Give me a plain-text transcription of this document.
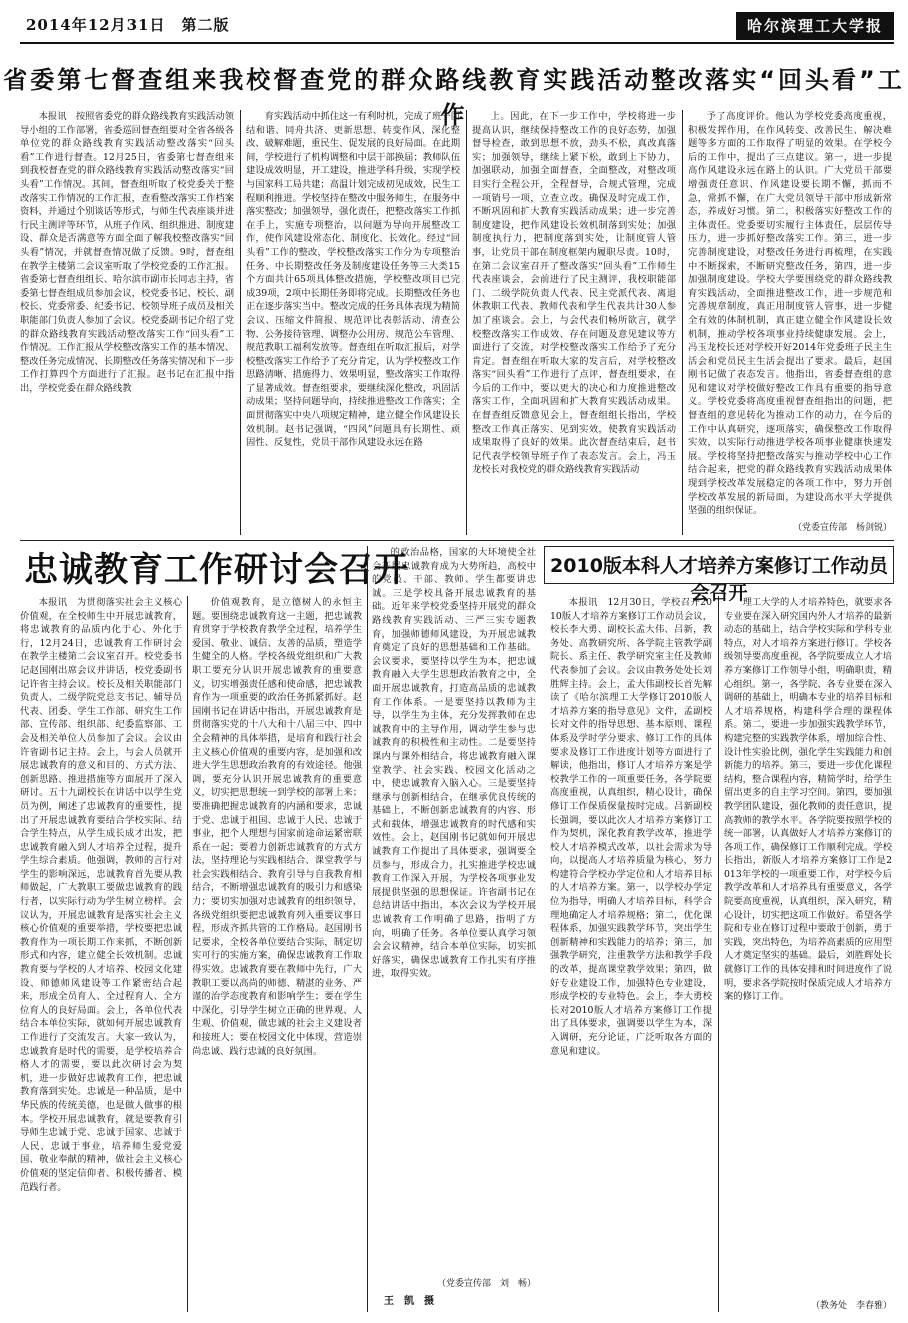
2014年12月31日　第二版	哈尔滨理工大学报
省委第七督查组来我校督查党的群众路线教育实践活动整改落实“回头看”工作

本报讯　按照省委党的群众路线教育实践活动领导小组的工作部署，省委巡回督查组要对全省各级各单位党的群众路线教育实践活动整改落实“回头看”工作进行督查。12月25日，省委第七督查组来到我校督查党的群众路线教育实践活动整改落实“回头看”工作情况。其间，督查组听取了校党委关于整改落实工作情况的工作汇报，查看整改落实工作档案资料，并通过个别谈话等形式，与师生代表座谈并进行民主测评等环节，从班子作风、组织推进、制度建设、群众是否满意等方面全面了解我校整改落实“回头看”情况，并就督查情况做了反馈。9时，督查组在教学主楼第二会议室听取了学校党委的工作汇报。省委第七督查组组长、哈尔滨市副市长同志主持，省委第七督查组成员参加会议，校党委书记、校长、副校长、党委常委、纪委书记、校领导班子成员及相关职能部门负责人参加了会议。校党委副书记介绍了党的群众路线教育实践活动整改落实工作“回头看”工作情况。工作汇报从学校整改落实工作的基本情况、整改任务完成情况、长期整改任务落实情况和下一步工作打算四个方面进行了汇报。赵书记在汇报中指出，学校党委在群众路线教

育实践活动中抓住这一有利时机，完成了班子团结和谐、同舟共济、更新思想、转变作风、深化整改、破解难题，重民生、促发展的良好局面。在此期间，学校进行了机构调整和中层干部换届；教师队伍建设成效明显，开工建设，推进学科升级，实现学校与国家科工局共建；高温计划完成初见成效，民生工程顺利推进。学校坚持在整改中服务师生，在服务中落实整改；加强领导，强化责任，把整改落实工作抓在手上，实施专项整治，以问题为导向开展整改工作，使作风建设常态化、制度化、长效化。经过“回头看”工作的整改，学校整改落实工作分为专项整治任务、中长期整改任务及制度建设任务等三大类15个方面共计65项具体整改措施，学校整改项目已完成39项，2项中长期任务即将完成。长期整改任务也正在逐步落实当中。整改完成的任务具体表现为精简会议、压缩文件简报、规范评比表彰活动、清查公物、公务接待管理、调整办公用房、规范公车管理、规范教职工福利发放等。督查组在听取汇报后，对学校整改落实工作给予了充分肯定，认为学校整改工作思路清晰、措施得力、效果明显，整改落实工作取得了显著成效。督查组要求，要继续深化整改，巩固活动成果；坚持问题导向，持续推进整改工作落实；全面贯彻落实中央八项规定精神，建立健全作风建设长效机制。赵书记强调，“四风”问题具有长期性、顽固性、反复性，党员干部作风建设永远在路

上。因此，在下一步工作中，学校将进一步提高认识，继续保持整改工作的良好态势，加强督导检查，敢到思想不放，劲头不松，真改真落实；加强领导，继续上紧下松，敢到上下协力，加强联动，加强全面督查，全面整改，对整改项目实行全程公开，全程督导，合规式管理，完成一项销号一项，立查立改。确保及时完成工作，不断巩固和扩大教育实践活动成果；进一步完善制度建设，把作风建设长效机制落到实处；加强制度执行力，把制度落到实处，让制度管人管事，让党员干部在制度框架内履职尽责。10时，在第二会议室召开了整改落实“回头看”工作师生代表座谈会，会前进行了民主测评，我校职能部门、二级学院负责人代表、民主党派代表、离退休教职工代表、教师代表和学生代表共计30人参加了座谈会。会上，与会代表们畅所欲言，就学校整改落实工作成效、存在问题及意见建议等方面进行了交流，对学校整改落实工作给予了充分肯定。督查组在听取大家的发言后，对学校整改落实“回头看”工作进行了点评，督查组要求，在今后的工作中，要以更大的决心和力度推进整改落实工作，全面巩固和扩大教育实践活动成果。在督查组反馈意见会上，督查组组长指出，学校整改工作真正落实、见到实效，使教育实践活动成果取得了良好的效果。此次督查结束后，赵书记代表学校领导班子作了表态发言。会上，冯玉龙校长对我校党的群众路线教育实践活动

予了高度评价。他认为学校党委高度重视，积极发挥作用，在作风转变、改善民生、解决难题等多方面的工作取得了明显的效果。在学校今后的工作中，提出了三点建议。第一，进一步提高作风建设永远在路上的认识。广大党员干部要增强责任意识、作风建设要长期不懈，抓而不急，常抓不懈，在广大党员领导干部中形成新常态，养成好习惯。第二，积极落实好整改工作的主体责任。党委要切实履行主体责任，层层传导压力，进一步抓好整改落实工作。第三，进一步完善制度建设，对整改任务进行再梳理，在实践中不断探索，不断研究整改任务，第四，进一步加强制度建设。学校大学要围绕党的群众路线教育实践活动，全面推进整改工作，进一步规范和完善规章制度，真正用制度管人管事，进一步健全有效的体制机制，真正建立健全作风建设长效机制，推动学校各项事业持续健康发展。会上，冯玉龙校长还对学校开好2014年党委班子民主生活会和党员民主生活会提出了要求。最后，赵国刚书记做了表态发言。他指出，省委督查组的意见和建议对学校做好整改工作具有重要的指导意义。学校党委将高度重视督查组指出的问题，把督查组的意见转化为推动工作的动力，在今后的工作中认真研究，逐项落实，确保整改工作取得实效，以实际行动推进学校各项事业健康快速发展。学校将坚持把整改落实与推动学校中心工作结合起来，把党的群众路线教育实践活动成果体现到学校改革发展稳定的各项工作中，努力开创学校改革发展的新局面，为建设高水平大学提供坚强的组织保证。

（党委宣传部　杨剑锐）
忠诚教育工作研讨会召开

本报讯　为贯彻落实社会主义核心价值观，在全校师生中开展忠诚教育，将忠诚教育的品质内化于心、外化于行，12月24日，忠诚教育工作研讨会在教学主楼第二会议室召开。校党委书记赵国刚出席会议并讲话，校党委副书记许省主持会议。校长及相关职能部门负责人、二级学院党总支书记、辅导员代表、团委、学生工作部、研究生工作部、宣传部、组织部、纪委监察部、工会及相关单位人员参加了会议。会议由许省副书记主持。会上，与会人员就开展忠诚教育的意义和目的、方式方法、创新思路、推进措施等方面展开了深入研讨。五十九副校长在讲话中以学生党员为例，阐述了忠诚教育的重要性，提出了开展忠诚教育要结合学校实际、结合学生特点，从学生成长成才出发，把忠诚教育融入到人才培养全过程，提升学生综合素质。他强调，教师的言行对学生的影响深远，忠诚教育首先要从教师做起，广大教职工要做忠诚教育的践行者，以实际行动为学生树立榜样。会议认为，开展忠诚教育是落实社会主义核心价值观的重要举措，学校要把忠诚教育作为一项长期工作来抓，不断创新形式和内容，建立健全长效机制。忠诚教育要与学校的人才培养、校园文化建设、师德师风建设等工作紧密结合起来，形成全员育人、全过程育人、全方位育人的良好局面。会上，各单位代表结合本单位实际，就如何开展忠诚教育工作进行了交流发言。大家一致认为，忠诚教育是时代的需要，是学校培养合格人才的需要，要以此次研讨会为契机，进一步做好忠诚教育工作，把忠诚教育落到实处。忠诚是一种品质，是中华民族的传统美德，也是做人做事的根本。学校开展忠诚教育，就是要教育引导师生忠诚于党、忠诚于国家、忠诚于人民、忠诚于事业，培养师生爱党爱国、敬业奉献的精神，做社会主义核心价值观的坚定信仰者、积极传播者、模范践行者。

价值观教育，是立德树人的永恒主题。要围绕忠诚教育这一主题，把忠诚教育贯穿于学校教育教学全过程，培养学生爱国、敬业、诚信、友善的品质，塑造学生健全的人格。学校各级党组织和广大教职工要充分认识开展忠诚教育的重要意义，切实增强责任感和使命感，把忠诚教育作为一项重要的政治任务抓紧抓好。赵国刚书记在讲话中指出，开展忠诚教育是贯彻落实党的十八大和十八届三中、四中全会精神的具体举措，是培育和践行社会主义核心价值观的重要内容，是加强和改进大学生思想政治教育的有效途径。他强调，要充分认识开展忠诚教育的重要意义，切实把思想统一到学校的部署上来；要准确把握忠诚教育的内涵和要求，忠诚于党、忠诚于祖国、忠诚于人民、忠诚于事业，把个人理想与国家前途命运紧密联系在一起；要着力创新忠诚教育的方式方法，坚持理论与实践相结合、课堂教学与社会实践相结合、教育引导与自我教育相结合，不断增强忠诚教育的吸引力和感染力；要切实加强对忠诚教育的组织领导，各级党组织要把忠诚教育列入重要议事日程，形成齐抓共管的工作格局。赵国刚书记要求，全校各单位要结合实际，制定切实可行的实施方案，确保忠诚教育工作取得实效。忠诚教育要在教师中先行，广大教职工要以高尚的师德、精湛的业务、严谨的治学态度教育和影响学生；要在学生中深化，引导学生树立正确的世界观、人生观、价值观，做忠诚的社会主义建设者和接班人；要在校园文化中体现，营造崇尚忠诚、践行忠诚的良好氛围。

的政治品格，国家的大环境使全社会开展忠诚教育成为大势所趋，高校中的党员、干部、教师、学生都要讲忠诚。三是学校具备开展忠诚教育的基础。近年来学校党委坚持开展党的群众路线教育实践活动、三严三实专题教育，加强师德师风建设，为开展忠诚教育奠定了良好的思想基础和工作基础。会议要求，要坚持以学生为本，把忠诚教育融入大学生思想政治教育之中，全面开展忠诚教育，打造高品质的忠诚教育工作体系。一是要坚持以教师为主导，以学生为主体，充分发挥教师在忠诚教育中的主导作用，调动学生参与忠诚教育的积极性和主动性。二是要坚持课内与课外相结合，将忠诚教育融入课堂教学、社会实践、校园文化活动之中，使忠诚教育入脑入心。三是要坚持继承与创新相结合，在继承优良传统的基础上，不断创新忠诚教育的内容、形式和载体，增强忠诚教育的时代感和实效性。会上，赵国刚书记就如何开展忠诚教育工作提出了具体要求，强调要全员参与，形成合力，扎实推进学校忠诚教育工作深入开展，为学校各项事业发展提供坚强的思想保证。许省副书记在总结讲话中指出，本次会议为学校开展忠诚教育工作明确了思路，指明了方向，明确了任务。各单位要认真学习领会会议精神，结合本单位实际，切实抓好落实，确保忠诚教育工作扎实有序推进，取得实效。

（党委宣传部　刘　畅）
王　凯　摄
2010版本科人才培养方案修订工作动员会召开

本报讯　12月30日，学校召开2010版人才培养方案修订工作动员会议，校长李大勇、副校长孟大伟、吕新，教务处、高教研究所、各学院主管教学副院长、系主任、教学研究室主任及教师代表参加了会议。会议由教务处处长刘胜辉主持。会上，孟大伟副校长首先解读了《哈尔滨理工大学修订2010版人才培养方案的指导意见》文件，孟副校长对文件的指导思想、基本原则、课程体系及学时学分要求、修订工作的具体要求及修订工作进度计划等方面进行了解读，他指出，修订人才培养方案是学校教学工作的一项重要任务，各学院要高度重视，认真组织，精心设计，确保修订工作保质保量按时完成。吕新副校长强调，要以此次人才培养方案修订工作为契机，深化教育教学改革，推进学校人才培养模式改革，以社会需求为导向，以提高人才培养质量为核心，努力构建符合学校办学定位和人才培养目标的人才培养方案。第一，以学校办学定位为指导，明确人才培养目标，科学合理地确定人才培养规格；第二，优化课程体系，加强实践教学环节，突出学生创新精神和实践能力的培养；第三，加强教学研究，注重教学方法和教学手段的改革，提高课堂教学效果；第四，做好专业建设工作，加强特色专业建设，形成学校的专业特色。会上，李大勇校长对2010版人才培养方案修订工作提出了具体要求，强调要以学生为本，深入调研，充分论证，广泛听取各方面的意见和建议。

理工大学的人才培养特色，就要求各专业要在深入研究国内外人才培养的最新动态的基础上，结合学校实际和学科专业特点，对人才培养方案进行修订。学校各级领导要高度重视，各学院要成立人才培养方案修订工作领导小组，明确职责，精心组织。第一，各学院、各专业要在深入调研的基础上，明确本专业的培养目标和人才培养规格，构建科学合理的课程体系。第二，要进一步加强实践教学环节，构建完整的实践教学体系，增加综合性、设计性实验比例，强化学生实践能力和创新能力的培养。第三，要进一步优化课程结构，整合课程内容，精简学时，给学生留出更多的自主学习空间。第四，要加强教学团队建设，强化教师的责任意识，提高教师的教学水平。各学院要按照学校的统一部署，认真做好人才培养方案修订的各项工作，确保修订工作顺利完成。学校长指出，新版人才培养方案修订工作是2013年学校的一项重要工作，对学校今后教学改革和人才培养具有重要意义，各学院要高度重视，认真组织，深入研究，精心设计，切实把这项工作做好。希望各学院和专业在修订过程中要敢于创新，勇于实践，突出特色，为培养高素质的应用型人才奠定坚实的基础。最后，刘胜辉处长就修订工作的具体安排和时间进度作了说明，要求各学院按时保质完成人才培养方案的修订工作。

（教务处　李春雅）
